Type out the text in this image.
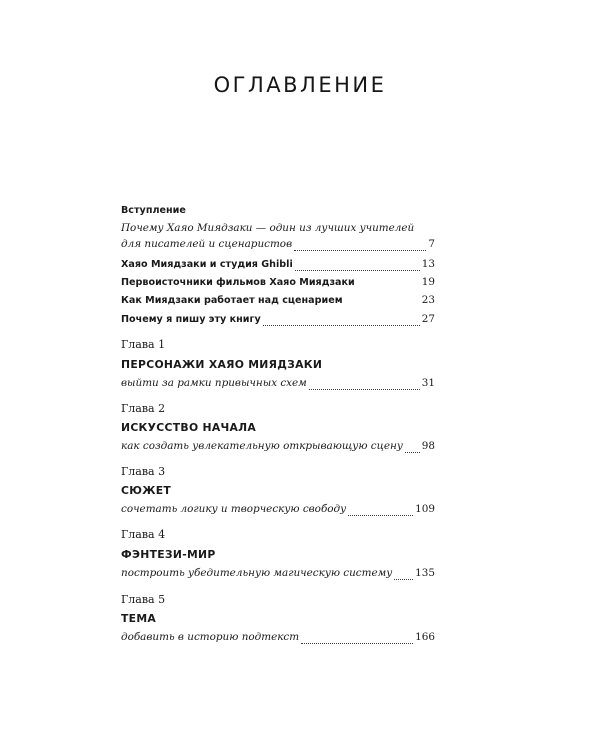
ОГЛАВЛЕНИЕ
Вступление
Почему Хаяо Миядзаки — один из лучших учителей
для писателей и сценаристов	7
Хаяо Миядзаки и студия Ghibli	13
Первоисточники фильмов Хаяо Миядзаки	19
Как Миядзаки работает над сценарием	23
Почему я пишу эту книгу	27
Глава 1
ПЕРСОНАЖИ ХАЯО МИЯДЗАКИ
выйти за рамки привычных схем	31
Глава 2
ИСКУССТВО НАЧАЛА
как создать увлекательную открывающую сцену 98
Глава 3
СЮЖЕТ
сочетать логику и творческую свободу	109
Глава 4
ФЭНТЕЗИ-МИР
построить убедительную магическую систему 135
Глава 5
ТЕМА
добавить в историю подтекст	166
